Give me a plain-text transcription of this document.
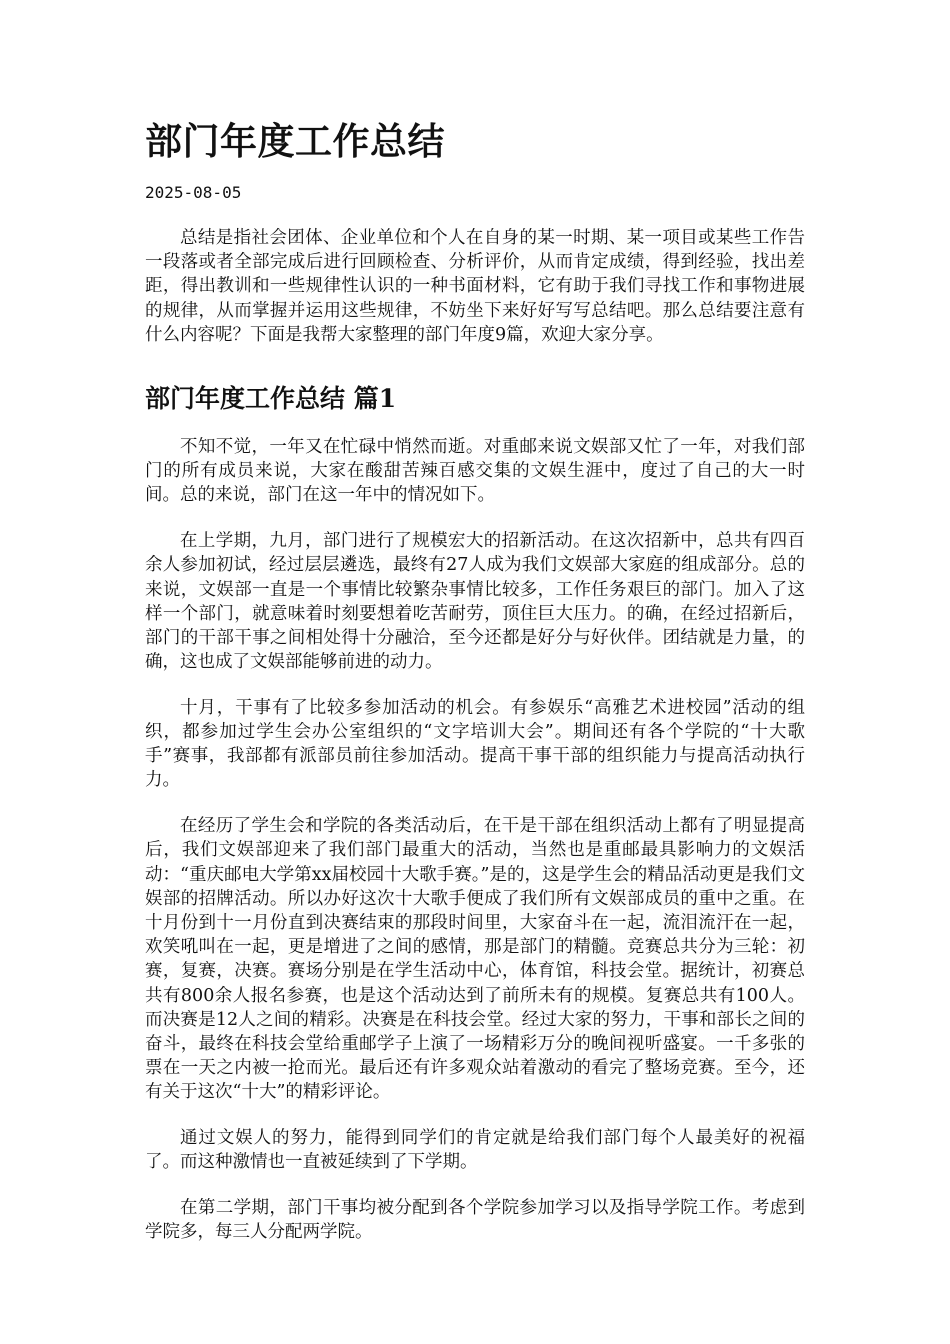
部门年度工作总结
2025-08-05

总结是指社会团体、企业单位和个人在自身的某一时期、某一项目或某些工作告一段落或者全部完成后进行回顾检查、分析评价，从而肯定成绩，得到经验，找出差距，得出教训和一些规律性认识的一种书面材料，它有助于我们寻找工作和事物进展的规律，从而掌握并运用这些规律，不妨坐下来好好写写总结吧。那么总结要注意有什么内容呢？下面是我帮大家整理的部门年度9篇，欢迎大家分享。

部门年度工作总结 篇1

不知不觉，一年又在忙碌中悄然而逝。对重邮来说文娱部又忙了一年，对我们部门的所有成员来说，大家在酸甜苦辣百感交集的文娱生涯中，度过了自己的大一时间。总的来说，部门在这一年中的情况如下。

在上学期，九月，部门进行了规模宏大的招新活动。在这次招新中，总共有四百余人参加初试，经过层层遴选，最终有27人成为我们文娱部大家庭的组成部分。总的来说，文娱部一直是一个事情比较繁杂事情比较多，工作任务艰巨的部门。加入了这样一个部门，就意味着时刻要想着吃苦耐劳，顶住巨大压力。的确，在经过招新后，部门的干部干事之间相处得十分融洽，至今还都是好分与好伙伴。团结就是力量，的确，这也成了文娱部能够前进的动力。

十月，干事有了比较多参加活动的机会。有参娱乐“高雅艺术进校园”活动的组织，都参加过学生会办公室组织的“文字培训大会”。期间还有各个学院的“十大歌手”赛事，我部都有派部员前往参加活动。提高干事干部的组织能力与提高活动执行力。

在经历了学生会和学院的各类活动后，在干是干部在组织活动上都有了明显提高后，我们文娱部迎来了我们部门最重大的活动，当然也是重邮最具影响力的文娱活动：“重庆邮电大学第xx届校园十大歌手赛。”是的，这是学生会的精品活动更是我们文娱部的招牌活动。所以办好这次十大歌手便成了我们所有文娱部成员的重中之重。在十月份到十一月份直到决赛结束的那段时间里，大家奋斗在一起，流泪流汗在一起，欢笑吼叫在一起，更是增进了之间的感情，那是部门的精髓。竞赛总共分为三轮：初赛，复赛，决赛。赛场分别是在学生活动中心，体育馆，科技会堂。据统计，初赛总共有800余人报名参赛，也是这个活动达到了前所未有的规模。复赛总共有100人。而决赛是12人之间的精彩。决赛是在科技会堂。经过大家的努力，干事和部长之间的奋斗，最终在科技会堂给重邮学子上演了一场精彩万分的晚间视听盛宴。一千多张的票在一天之内被一抢而光。最后还有许多观众站着激动的看完了整场竞赛。至今，还有关于这次“十大”的精彩评论。

通过文娱人的努力，能得到同学们的肯定就是给我们部门每个人最美好的祝福了。而这种激情也一直被延续到了下学期。

在第二学期，部门干事均被分配到各个学院参加学习以及指导学院工作。考虑到学院多，每三人分配两学院。
